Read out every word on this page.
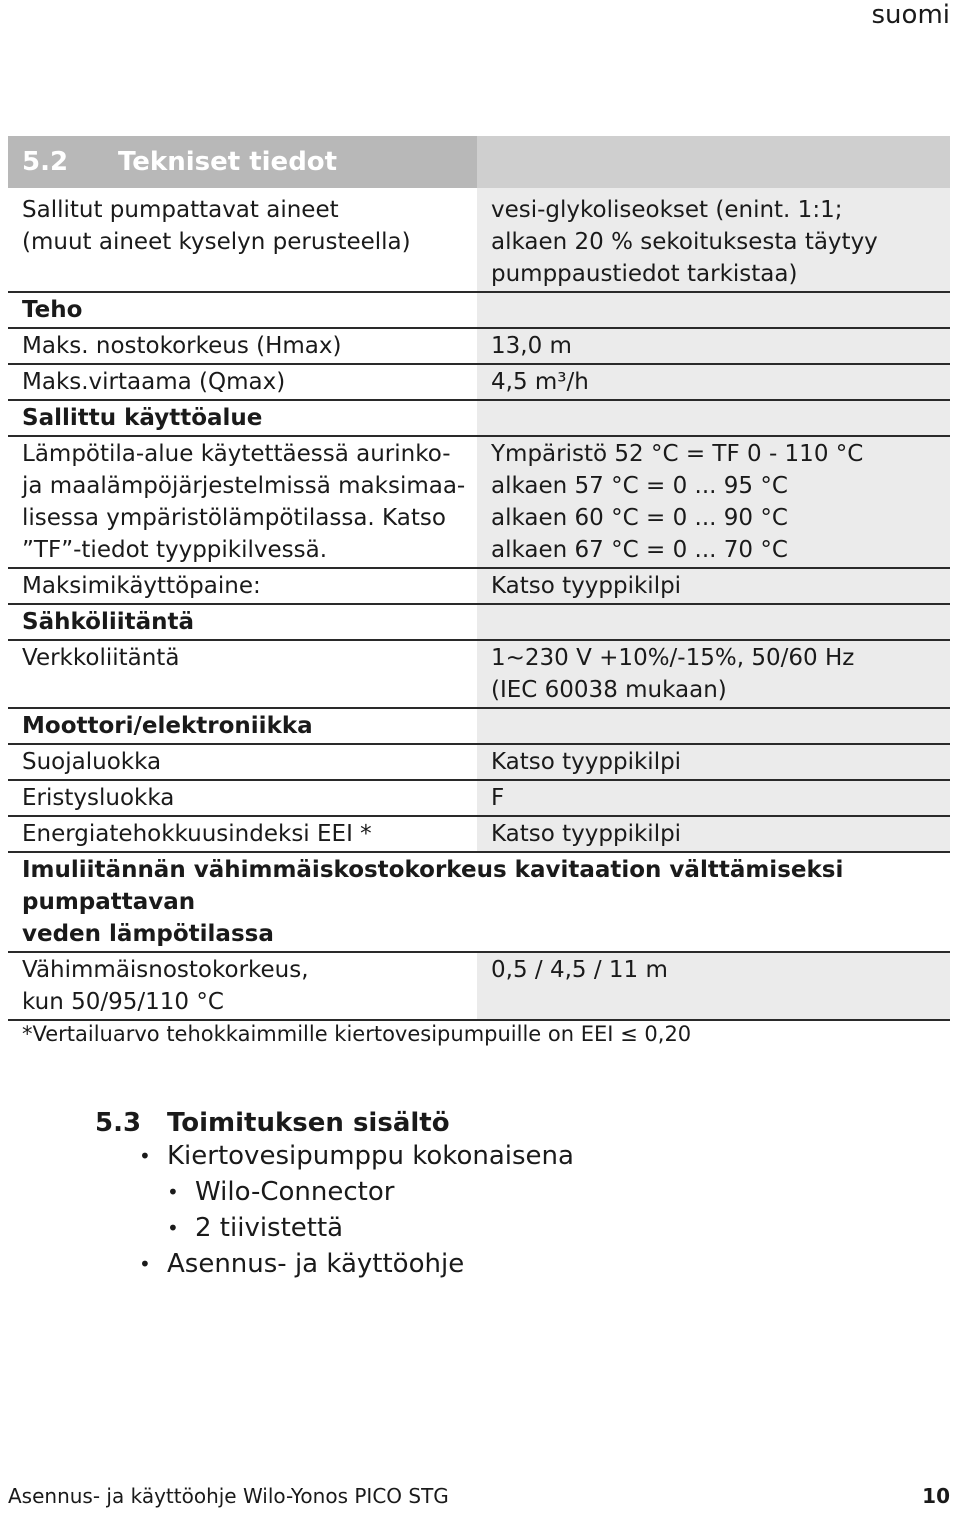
suomi
5.2 Tekniset tiedot	

Sallitut pumpattavat aineet
(muut aineet kyselyn perusteella)	vesi-glykoliseokset (enint. 1:1;
alkaen 20 % sekoituksesta täytyy
pumppaustiedot tarkistaa)

Teho	

Maks. nostokorkeus (Hmax)	13,0 m

Maks.virtaama (Qmax)	4,5 m³/h

Sallittu käyttöalue	

Lämpötila-alue käytettäessä aurinko-
ja maalämpöjärjestelmissä maksimaa-
lisessa ympäristölämpötilassa. Katso
”TF”-tiedot tyyppikilvessä.	Ympäristö 52 °C = TF 0 - 110 °C
alkaen 57 °C = 0 ... 95 °C
alkaen 60 °C = 0 ... 90 °C
alkaen 67 °C = 0 ... 70 °C

Maksimikäyttöpaine:	Katso tyyppikilpi

Sähköliitäntä	

Verkkoliitäntä	1~230 V +10%/-15%, 50/60 Hz
(IEC 60038 mukaan)

Moottori/elektroniikka	

Suojaluokka	Katso tyyppikilpi

Eristysluokka	F

Energiatehokkuusindeksi EEI *	Katso tyyppikilpi

Imuliitännän vähimmäiskostokorkeus kavitaation välttämiseksi pumpattavan
veden lämpötilassa	

Vähimmäisnostokorkeus,
kun 50/95/110 °C	0,5 / 4,5 / 11 m
*Vertailuarvo tehokkaimmille kiertovesipumpuille on EEI ≤ 0,20
5.3 Toimituksen sisältö
• Kiertovesipumppu kokonaisena
• Wilo-Connector
• 2 tiivistettä
• Asennus- ja käyttöohje
Asennus- ja käyttöohje Wilo-Yonos PICO STG	10
